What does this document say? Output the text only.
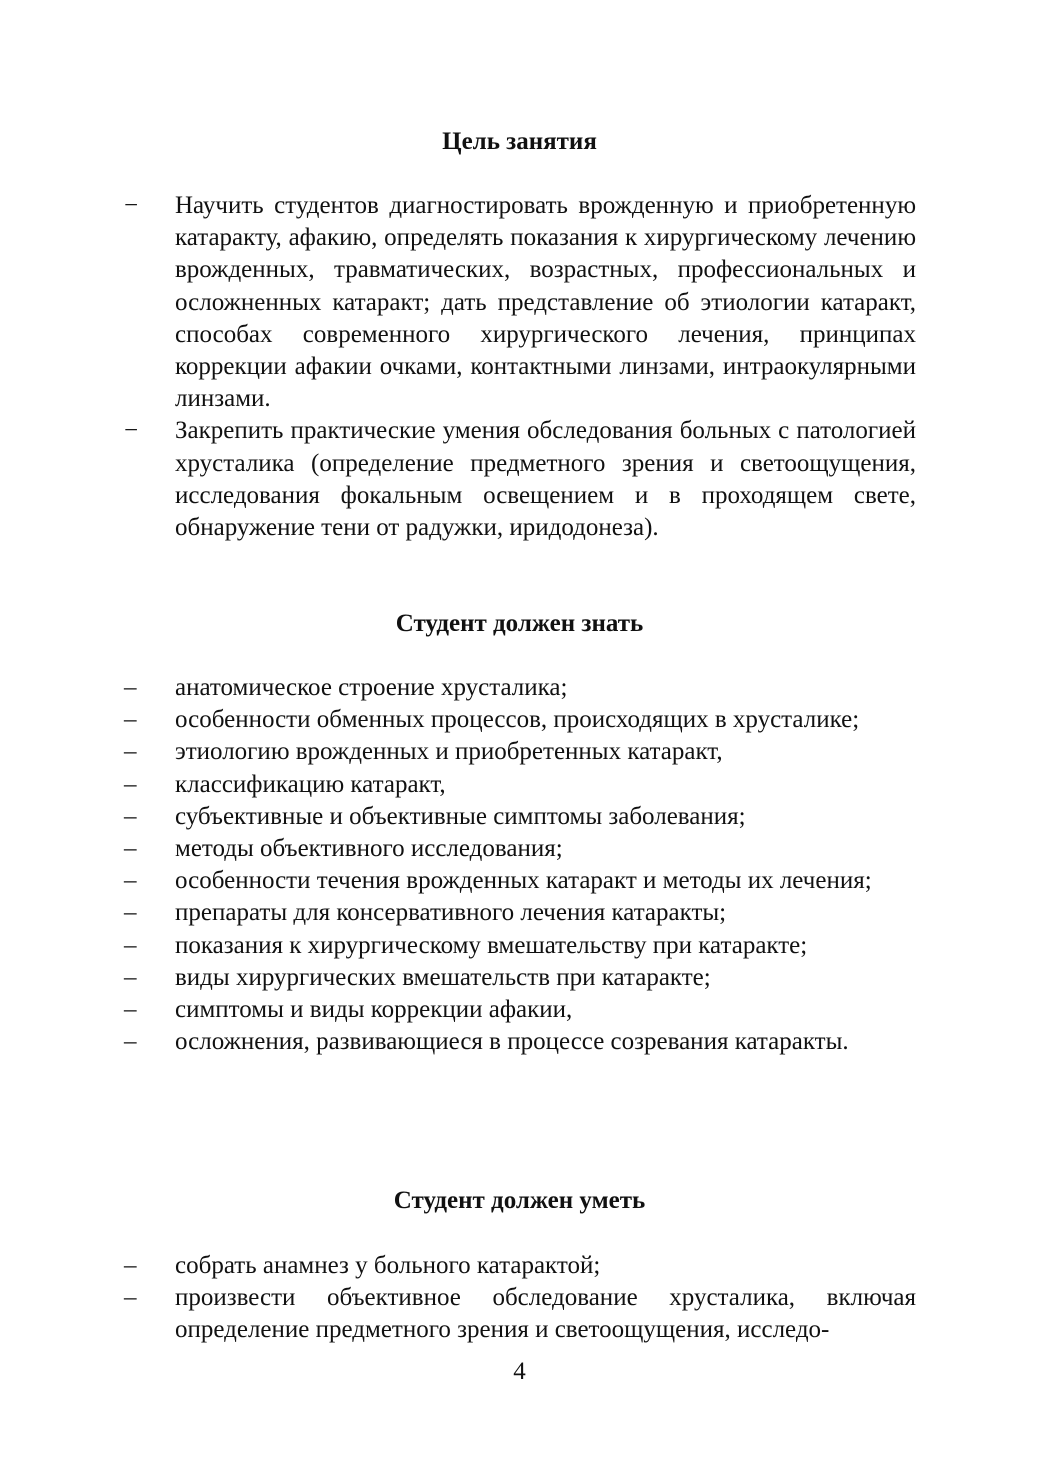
Цель занятия
− Научить студентов диагностировать врожденную и приобретенную катаракту, афакию, определять показания к хирургическому лечению врожденных, травматических, возрастных, профессиональных и осложненных катаракт; дать представление об этиологии катаракт, способах современного хирургического лечения, принципах коррекции афакии очками, контактными линзами, интраокулярными линзами.
− Закрепить практические умения обследования больных с патологией хрусталика (определение предметного зрения и светоощущения, исследования фокальным освещением и в проходящем свете, обнаружение тени от радужки, иридодонеза).
Студент должен знать
– анатомическое строение хрусталика;
– особенности обменных процессов, происходящих в хрусталике;
– этиологию врожденных и приобретенных катаракт,
– классификацию катаракт,
– субъективные и объективные симптомы заболевания;
– методы объективного исследования;
– особенности течения врожденных катаракт и методы их лечения;
– препараты для консервативного лечения катаракты;
– показания к хирургическому вмешательству при катаракте;
– виды хирургических вмешательств при катаракте;
– симптомы и виды коррекции афакии,
– осложнения, развивающиеся в процессе созревания катаракты.
Студент должен уметь
– собрать анамнез у больного катарактой;
– произвести объективное обследование хрусталика, включая определение предметного зрения и светоощущения, исследо-
4
